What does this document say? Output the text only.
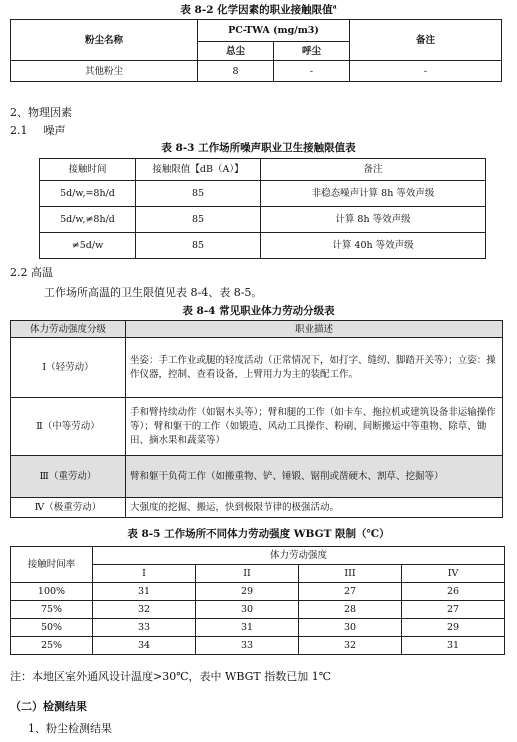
表 8-2 化学因素的职业接触限值$^a$
粉尘名称	PC-TWA (mg/m3)		备注
	总尘	呼尘	
其他粉尘	8	-	-
2、物理因素
2.1 噪声
表 8-3 工作场所噪声职业卫生接触限值表
接触时间	接触限值【dB（A）】	备注
5d/w,=8h/d	85	非稳态噪声计算 8h 等效声级
5d/w,≠8h/d	85	计算 8h 等效声级
≠5d/w	85	计算 40h 等效声级
2.2 高温
工作场所高温的卫生限值见表 8-4、表 8-5。
表 8-4 常见职业体力劳动分级表
体力劳动强度分级	职业描述
Ⅰ（轻劳动）	坐姿：手工作业或腿的轻度活动（正常情况下，如打字、缝纫、脚踏开关等）；立姿：操作仪器，控制、查看设备，上臂用力为主的装配工作。
Ⅱ（中等劳动）	手和臂持续动作（如锯木头等）；臂和腿的工作（如卡车、拖拉机或建筑设备非运输操作等）；臂和躯干的工作（如锻造、风动工具操作、粉刷、间断搬运中等重物、除草、锄田、摘水果和蔬菜等）
Ⅲ（重劳动）	臂和躯干负荷工作（如搬重物、铲、锤锻、锯削或凿硬木、割草、挖掘等）
Ⅳ（极重劳动）	大强度的挖掘、搬运，快到极限节律的极强活动。
表 8-5 工作场所不同体力劳动强度 WBGT 限制（℃）
接触时间率	体力劳动强度			
	I	II	III	IV
100%	31	29	27	26
75%	32	30	28	27
50%	33	31	30	29
25%	34	33	32	31
注：本地区室外通风设计温度>30℃，表中 WBGT 指数已加 1℃
（二）检测结果
1、粉尘检测结果
